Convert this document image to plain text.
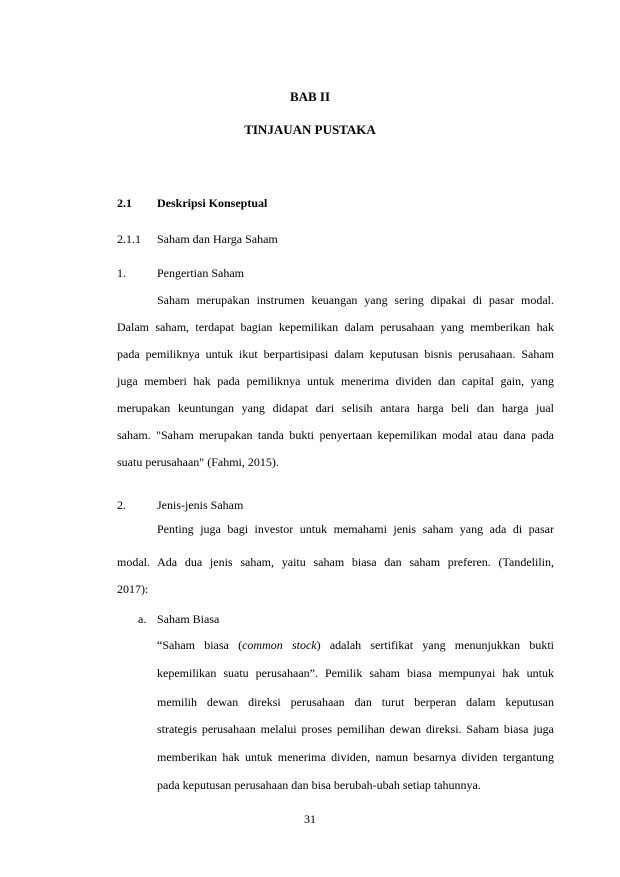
BAB II
TINJAUAN PUSTAKA
2.1 Deskripsi Konseptual
2.1.1 Saham dan Harga Saham
1.	Pengertian Saham
Saham merupakan instrumen keuangan yang sering dipakai di pasar modal.
Dalam saham, terdapat bagian kepemilikan dalam perusahaan yang memberikan hak
pada pemiliknya untuk ikut berpartisipasi dalam keputusan bisnis perusahaan. Saham
juga memberi hak pada pemiliknya untuk menerima dividen dan capital gain, yang
merupakan keuntungan yang didapat dari selisih antara harga beli dan harga jual
saham. "Saham merupakan tanda bukti penyertaan kepemilikan modal atau dana pada
suatu perusahaan" (Fahmi, 2015).
2.	Jenis-jenis Saham
Penting juga bagi investor untuk memahami jenis saham yang ada di pasar
modal. Ada dua jenis saham, yaitu saham biasa dan saham preferen. (Tandelilin,
2017):
a. Saham Biasa
“Saham biasa (common stock) adalah sertifikat yang menunjukkan bukti
kepemilikan suatu perusahaan”. Pemilik saham biasa mempunyai hak untuk
memilih dewan direksi perusahaan dan turut berperan dalam keputusan
strategis perusahaan melalui proses pemilihan dewan direksi. Saham biasa juga
memberikan hak untuk menerima dividen, namun besarnya dividen tergantung
pada keputusan perusahaan dan bisa berubah-ubah setiap tahunnya.
31
